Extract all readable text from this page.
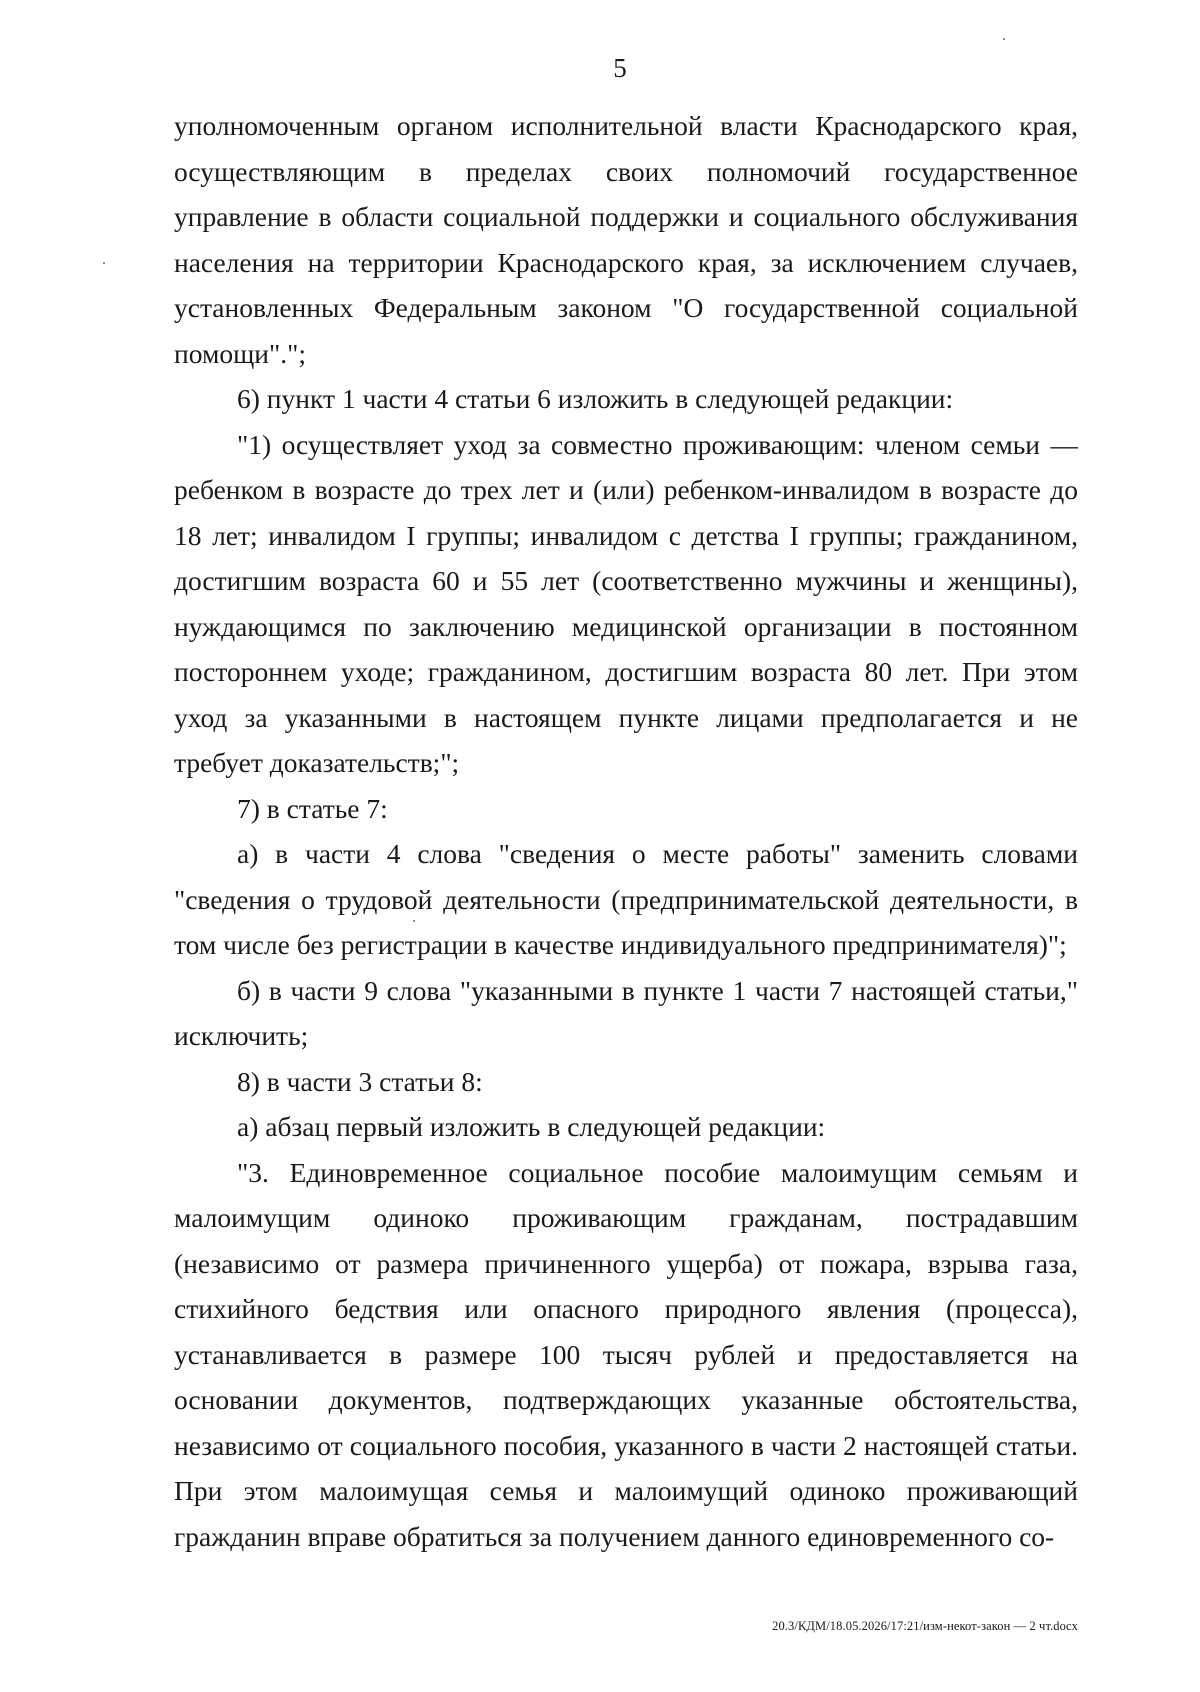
5

уполномоченным органом исполнительной власти Краснодарского края, осуществляющим в пределах своих полномочий государственное управление в области социальной поддержки и социального обслуживания населения на территории Краснодарского края, за исключением случаев, установленных Федеральным законом "О государственной социальной помощи".";

6) пункт 1 части 4 статьи 6 изложить в следующей редакции:

"1) осуществляет уход за совместно проживающим: членом семьи — ребенком в возрасте до трех лет и (или) ребенком-инвалидом в возрасте до 18 лет; инвалидом I группы; инвалидом с детства I группы; гражданином, достигшим возраста 60 и 55 лет (соответственно мужчины и женщины), нуждающимся по заключению медицинской организации в постоянном постороннем уходе; гражданином, достигшим возраста 80 лет. При этом уход за указанными в настоящем пункте лицами предполагается и не требует доказательств;";

7) в статье 7:

а) в части 4 слова "сведения о месте работы" заменить словами "сведения о трудовой деятельности (предпринимательской деятельности, в том числе без регистрации в качестве индивидуального предпринимателя)";

б) в части 9 слова "указанными в пункте 1 части 7 настоящей статьи," исключить;

8) в части 3 статьи 8:

а) абзац первый изложить в следующей редакции:

"3. Единовременное социальное пособие малоимущим семьям и малоимущим одиноко проживающим гражданам, пострадавшим (независимо от размера причиненного ущерба) от пожара, взрыва газа, стихийного бедствия или опасного природного явления (процесса), устанавливается в размере 100 тысяч рублей и предоставляется на основании документов, подтверждающих указанные обстоятельства, независимо от социального пособия, указанного в части 2 настоящей статьи. При этом малоимущая семья и малоимущий одиноко проживающий гражданин вправе обратиться за получением данного единовременного со-

20.3/КДМ/18.05.2026/17:21/изм-некот-закон — 2 чт.docx
